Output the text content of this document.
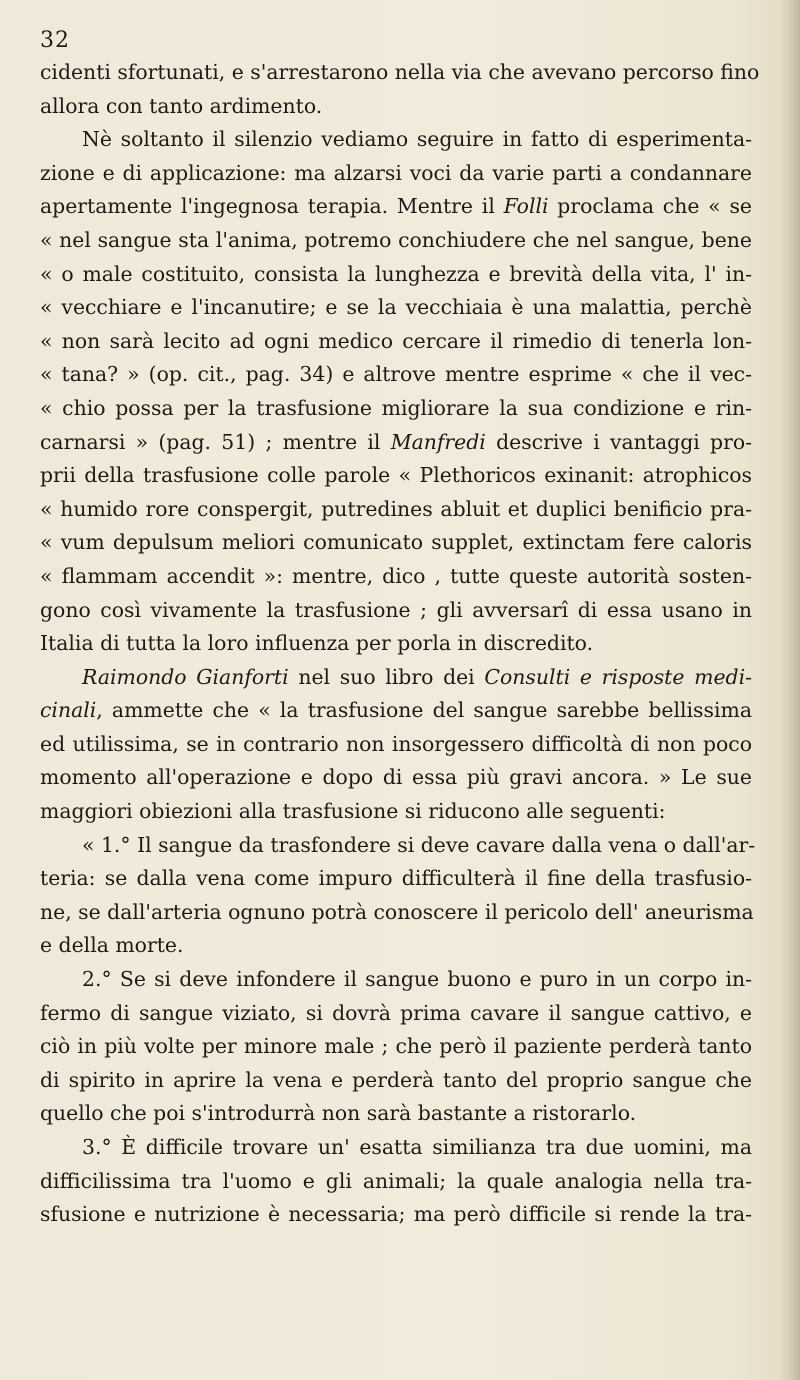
32
cidenti sfortunati, e s'arrestarono nella via che avevano percorso fino
allora con tanto ardimento.
Nè soltanto il silenzio vediamo seguire in fatto di esperimenta-
zione e di applicazione: ma alzarsi voci da varie parti a condannare
apertamente l'ingegnosa terapia. Mentre il Folli proclama che « se
« nel sangue sta l'anima, potremo conchiudere che nel sangue, bene
« o male costituito, consista la lunghezza e brevità della vita, l' in-
« vecchiare e l'incanutire; e se la vecchiaia è una malattia, perchè
« non sarà lecito ad ogni medico cercare il rimedio di tenerla lon-
« tana? » (op. cit., pag. 34) e altrove mentre esprime « che il vec-
« chio possa per la trasfusione migliorare la sua condizione e rin-
carnarsi » (pag. 51) ; mentre il Manfredi descrive i vantaggi pro-
prii della trasfusione colle parole « Plethoricos exinanit: atrophicos
« humido rore conspergit, putredines abluit et duplici benificio pra-
« vum depulsum meliori comunicato supplet, extinctam fere caloris
« flammam accendit »: mentre, dico , tutte queste autorità sosten-
gono così vivamente la trasfusione ; gli avversarî di essa usano in
Italia di tutta la loro influenza per porla in discredito.
Raimondo Gianforti nel suo libro dei Consulti e risposte medi-
cinali, ammette che « la trasfusione del sangue sarebbe bellissima
ed utilissima, se in contrario non insorgessero difficoltà di non poco
momento all'operazione e dopo di essa più gravi ancora. » Le sue
maggiori obiezioni alla trasfusione si riducono alle seguenti:
« 1.° Il sangue da trasfondere si deve cavare dalla vena o dall'ar-
teria: se dalla vena come impuro difficulterà il fine della trasfusio-
ne, se dall'arteria ognuno potrà conoscere il pericolo dell' aneurisma
e della morte.
2.° Se si deve infondere il sangue buono e puro in un corpo in-
fermo di sangue viziato, si dovrà prima cavare il sangue cattivo, e
ciò in più volte per minore male ; che però il paziente perderà tanto
di spirito in aprire la vena e perderà tanto del proprio sangue che
quello che poi s'introdurrà non sarà bastante a ristorarlo.
3.° È difficile trovare un' esatta similianza tra due uomini, ma
difficilissima tra l'uomo e gli animali; la quale analogia nella tra-
sfusione e nutrizione è necessaria; ma però difficile si rende la tra-
